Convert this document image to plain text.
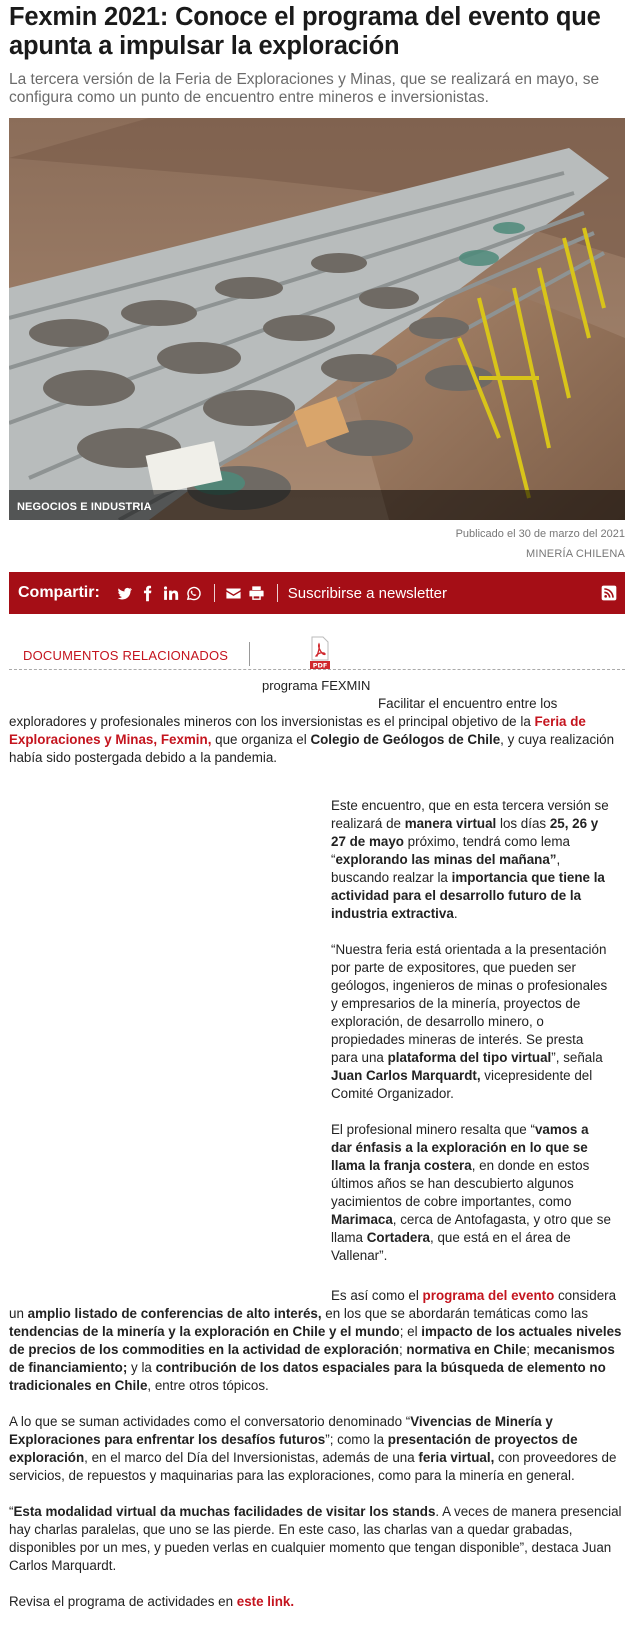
Fexmin 2021: Conoce el programa del evento que apunta a impulsar la exploración

La tercera versión de la Feria de Exploraciones y Minas, que se realizará en mayo, se configura como un punto de encuentro entre mineros e inversionistas.

NEGOCIOS E INDUSTRIA
Publicado el 30 de marzo del 2021
MINERÍA CHILENA
Compartir:	Suscribirse a newsletter
DOCUMENTOS RELACIONADOS
PDF
programa FEXMIN

Facilitar el encuentro entre los exploradores y profesionales mineros con los inversionistas es el principal objetivo de la Feria de Exploraciones y Minas, Fexmin, que organiza el Colegio de Geólogos de Chile, y cuya realización había sido postergada debido a la pandemia.

Este encuentro, que en esta tercera versión se realizará de manera virtual los días 25, 26 y 27 de mayo próximo, tendrá como lema “explorando las minas del mañana”, buscando realzar la importancia que tiene la actividad para el desarrollo futuro de la industria extractiva.

“Nuestra feria está orientada a la presentación por parte de expositores, que pueden ser geólogos, ingenieros de minas o profesionales y empresarios de la minería, proyectos de exploración, de desarrollo minero, o propiedades mineras de interés. Se presta para una plataforma del tipo virtual”, señala Juan Carlos Marquardt, vicepresidente del Comité Organizador.

El profesional minero resalta que “vamos a dar énfasis a la exploración en lo que se llama la franja costera, en donde en estos últimos años se han descubierto algunos yacimientos de cobre importantes, como Marimaca, cerca de Antofagasta, y otro que se llama Cortadera, que está en el área de Vallenar”.

Es así como el programa del evento considera un amplio listado de conferencias de alto interés, en los que se abordarán temáticas como las tendencias de la minería y la exploración en Chile y el mundo; el impacto de los actuales niveles de precios de los commodities en la actividad de exploración; normativa en Chile; mecanismos de financiamiento; y la contribución de los datos espaciales para la búsqueda de elemento no tradicionales en Chile, entre otros tópicos.

A lo que se suman actividades como el conversatorio denominado “Vivencias de Minería y Exploraciones para enfrentar los desafíos futuros”; como la presentación de proyectos de exploración, en el marco del Día del Inversionistas, además de una feria virtual, con proveedores de servicios, de repuestos y maquinarias para las exploraciones, como para la minería en general.

“Esta modalidad virtual da muchas facilidades de visitar los stands. A veces de manera presencial hay charlas paralelas, que uno se las pierde. En este caso, las charlas van a quedar grabadas, disponibles por un mes, y pueden verlas en cualquier momento que tengan disponible”, destaca Juan Carlos Marquardt.

Revisa el programa de actividades en este link.
